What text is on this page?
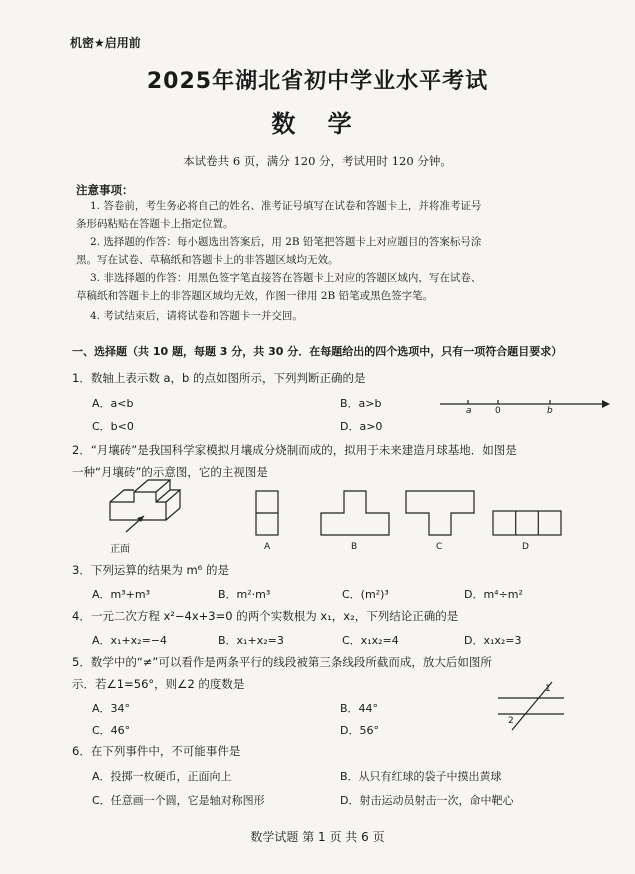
机密★启用前
2025年湖北省初中学业水平考试
数 学
本试卷共 6 页，满分 120 分，考试用时 120 分钟。
注意事项：
1. 答卷前，考生务必将自己的姓名、准考证号填写在试卷和答题卡上，并将准考证号
条形码粘贴在答题卡上指定位置。
2. 选择题的作答：每小题选出答案后，用 2B 铅笔把答题卡上对应题目的答案标号涂
黑。写在试卷、草稿纸和答题卡上的非答题区域均无效。
3. 非选择题的作答：用黑色签字笔直接答在答题卡上对应的答题区域内，写在试卷、
草稿纸和答题卡上的非答题区域均无效，作图一律用 2B 铅笔或黑色签字笔。
4. 考试结束后，请将试卷和答题卡一并交回。
一、选择题（共 10 题，每题 3 分，共 30 分．在每题给出的四个选项中，只有一项符合题目要求）
1．数轴上表示数 a，b 的点如图所示，下列判断正确的是
A．a<b	B．a>b
C．b<0	D．a>0
a	0	b
2．“月壤砖”是我国科学家模拟月壤成分烧制而成的，拟用于未来建造月球基地．如图是
一种“月壤砖”的示意图，它的主视图是
正面	A	B	C	D
3．下列运算的结果为 m⁶ 的是
A．m³+m³	B．m²·m³	C．(m²)³	D．m⁴÷m²
4．一元二次方程 x²−4x+3=0 的两个实数根为 x₁，x₂，下列结论正确的是
A．x₁+x₂=−4	B．x₁+x₂=3	C．x₁x₂=4	D．x₁x₂=3
5．数学中的“≠”可以看作是两条平行的线段被第三条线段所截而成，放大后如图所
示．若∠1=56°，则∠2 的度数是
A．34°	B．44°
C．46°	D．56°
1
2
6．在下列事件中，不可能事件是
A．投掷一枚硬币，正面向上	B．从只有红球的袋子中摸出黄球
C．任意画一个圆，它是轴对称图形	D．射击运动员射击一次，命中靶心
数学试题 第 1 页 共 6 页
